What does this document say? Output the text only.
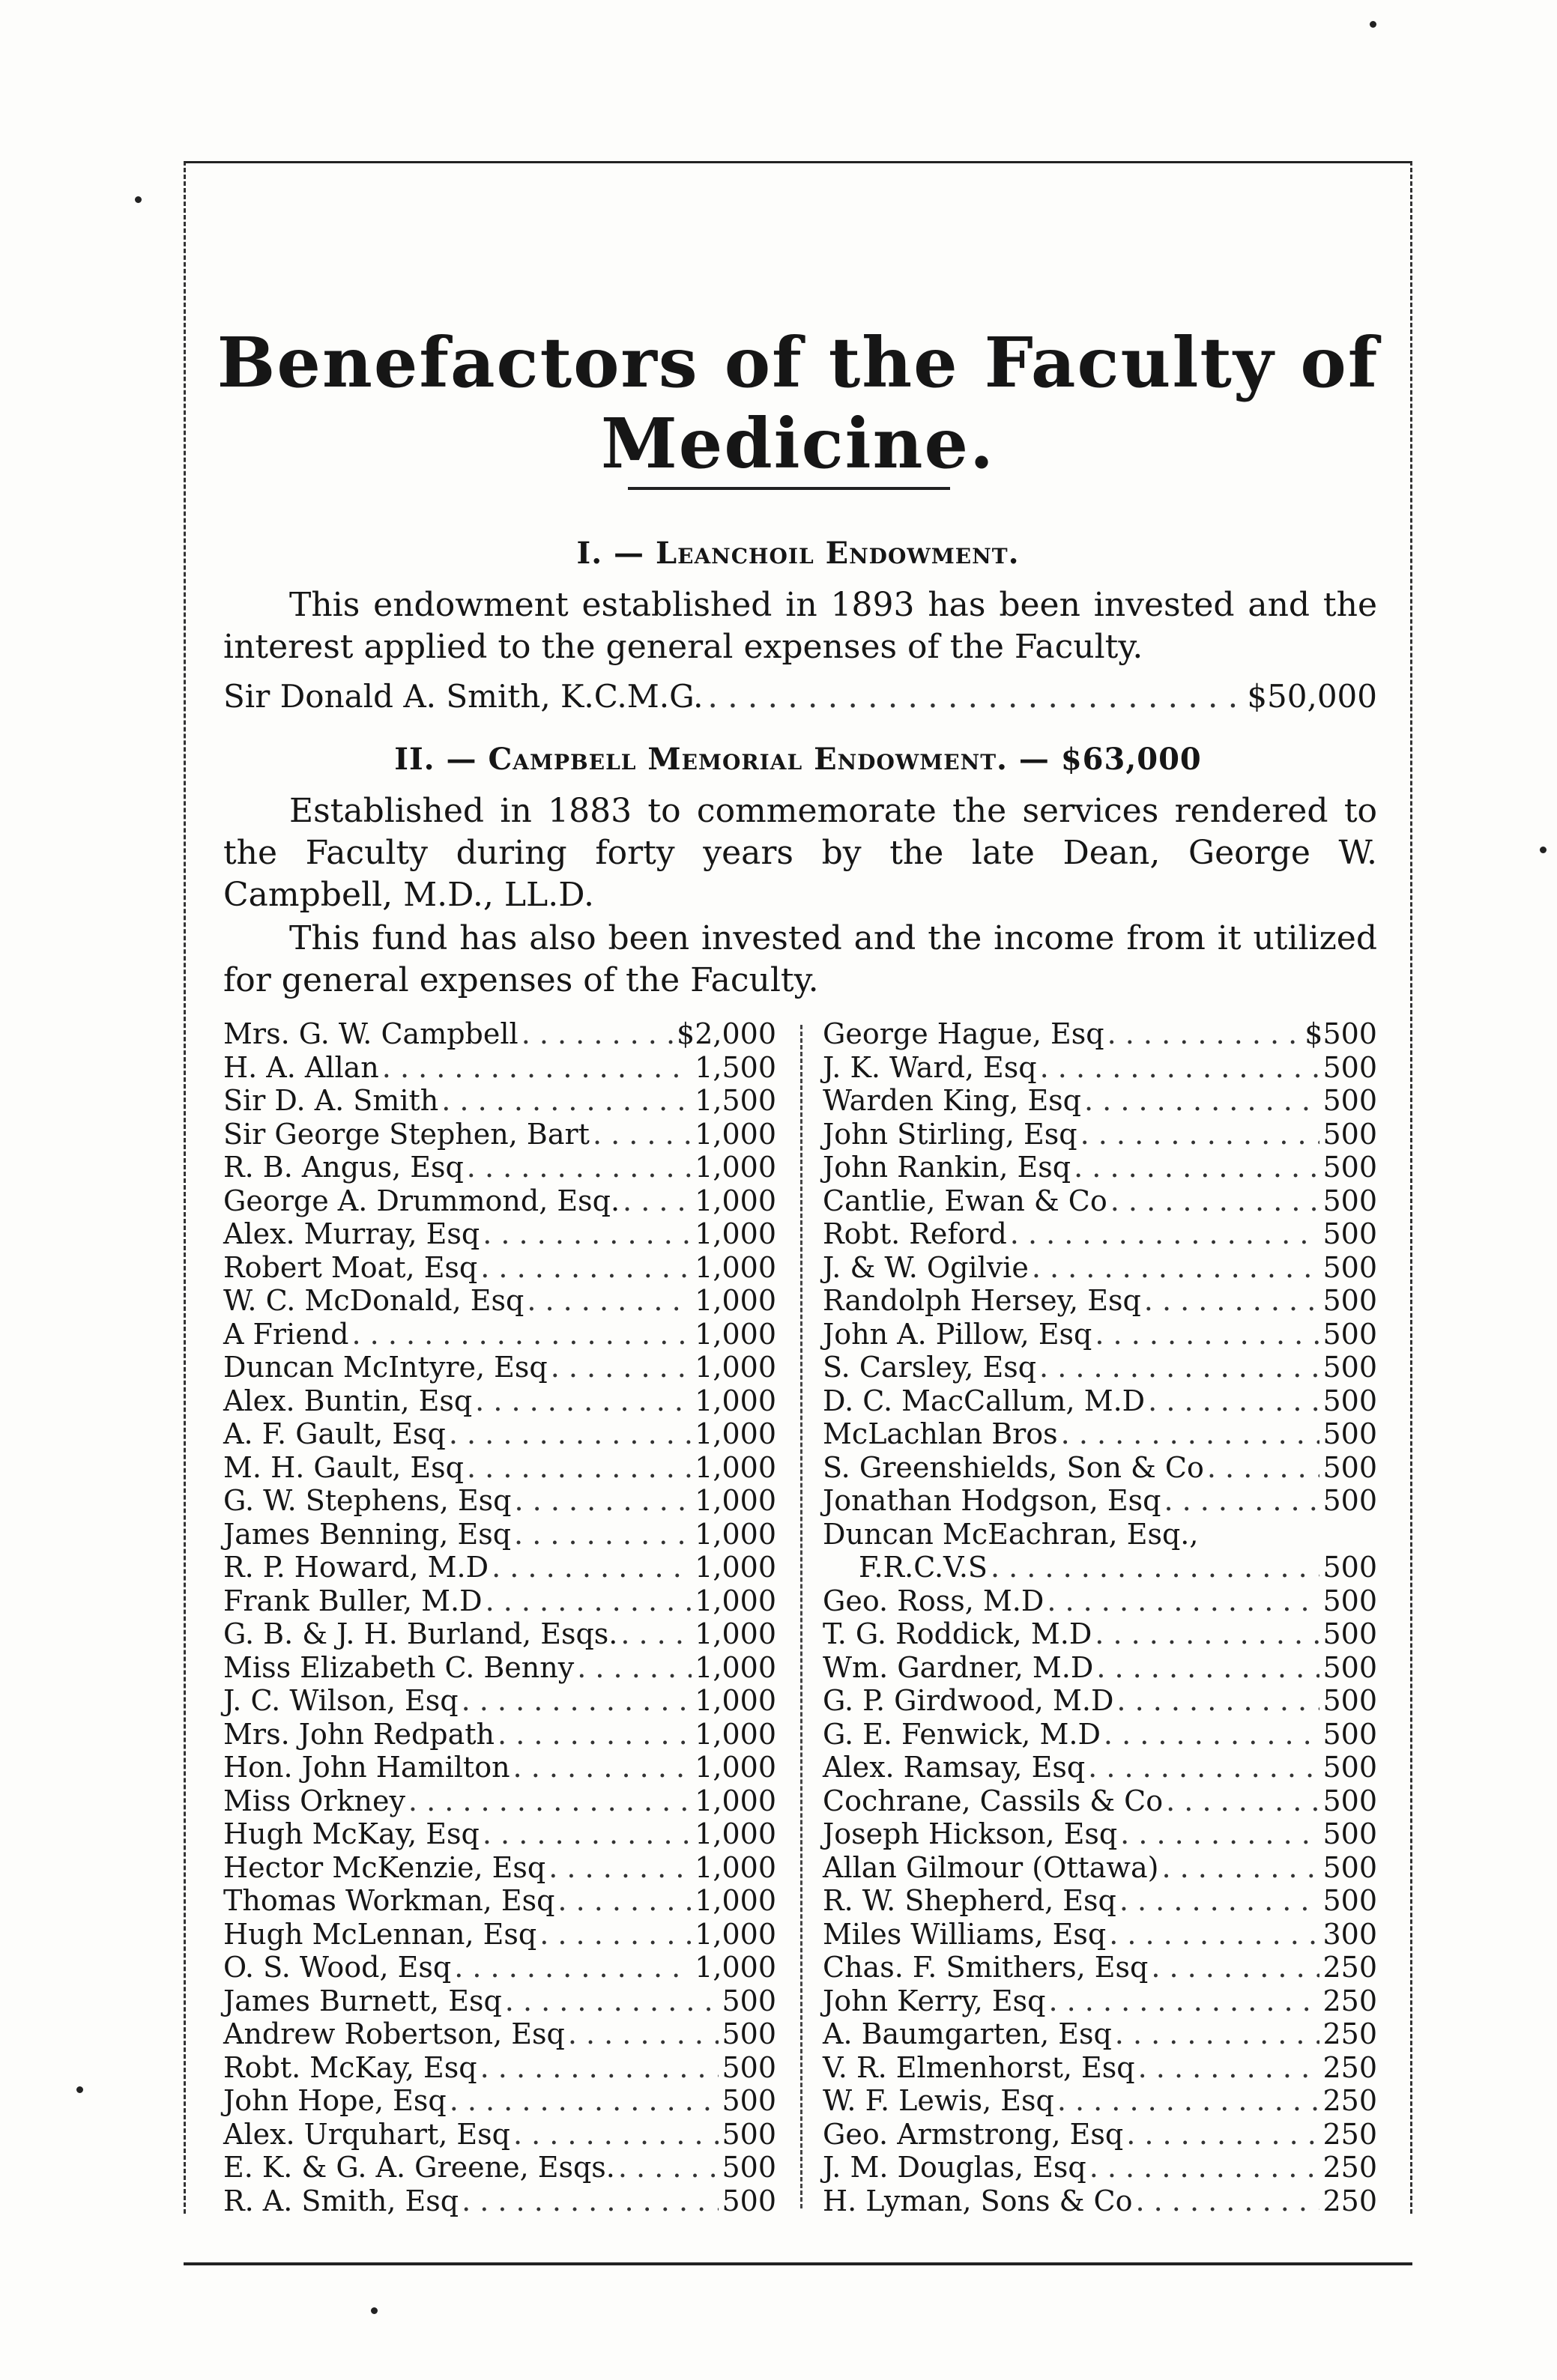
Benefactors of the Faculty of Medicine.
I. — Leanchoil Endowment.

This endowment established in 1893 has been invested and the interest applied to the general expenses of the Faculty.

Sir Donald A. Smith, K.C.M.G. . . .	$50,000
II. — Campbell Memorial Endowment. — $63,000

Established in 1883 to commemorate the services rendered to the Faculty during forty years by the late Dean, George W. Campbell, M.D., LL.D.

This fund has also been invested and the income from it utilized for general expenses of the Faculty.

Mrs. G. W. Campbell . . .	$2,000
H. A. Allan . . .	1,500
Sir D. A. Smith . . .	1,500
Sir George Stephen, Bart . . .	1,000
R. B. Angus, Esq . . .	1,000
George A. Drummond, Esq. . . .	1,000
Alex. Murray, Esq . . .	1,000
Robert Moat, Esq . . .	1,000
W. C. McDonald, Esq . . .	1,000
A Friend . . .	1,000
Duncan McIntyre, Esq . . .	1,000
Alex. Buntin, Esq . . .	1,000
A. F. Gault, Esq . . .	1,000
M. H. Gault, Esq . . .	1,000
G. W. Stephens, Esq . . .	1,000
James Benning, Esq . . .	1,000
R. P. Howard, M.D . . .	1,000
Frank Buller, M.D . . .	1,000
G. B. & J. H. Burland, Esqs. . . .	1,000
Miss Elizabeth C. Benny . . .	1,000
J. C. Wilson, Esq . . .	1,000
Mrs. John Redpath . . .	1,000
Hon. John Hamilton . . .	1,000
Miss Orkney . . .	1,000
Hugh McKay, Esq . . .	1,000
Hector McKenzie, Esq . . .	1,000
Thomas Workman, Esq . . .	1,000
Hugh McLennan, Esq . . .	1,000
O. S. Wood, Esq . . .	1,000
James Burnett, Esq . . .	500
Andrew Robertson, Esq . . .	500
Robt. McKay, Esq . . .	500
John Hope, Esq . . .	500
Alex. Urquhart, Esq . . .	500
E. K. & G. A. Greene, Esqs. . . .	500
R. A. Smith, Esq . . .	500
George Hague, Esq . . .	$500
J. K. Ward, Esq . . .	500
Warden King, Esq . . .	500
John Stirling, Esq . . .	500
John Rankin, Esq . . .	500
Cantlie, Ewan & Co . . .	500
Robt. Reford . . .	500
J. & W. Ogilvie . . .	500
Randolph Hersey, Esq . . .	500
John A. Pillow, Esq . . .	500
S. Carsley, Esq . . .	500
D. C. MacCallum, M.D . . .	500
McLachlan Bros . . .	500
S. Greenshields, Son & Co . . .	500
Jonathan Hodgson, Esq . . .	500
Duncan McEachran, Esq.,
F.R.C.V.S . . .	500
Geo. Ross, M.D . . .	500
T. G. Roddick, M.D . . .	500
Wm. Gardner, M.D . . .	500
G. P. Girdwood, M.D . . .	500
G. E. Fenwick, M.D . . .	500
Alex. Ramsay, Esq . . .	500
Cochrane, Cassils & Co . . .	500
Joseph Hickson, Esq . . .	500
Allan Gilmour (Ottawa) . . .	500
R. W. Shepherd, Esq . . .	500
Miles Williams, Esq . . .	300
Chas. F. Smithers, Esq . . .	250
John Kerry, Esq . . .	250
A. Baumgarten, Esq . . .	250
V. R. Elmenhorst, Esq . . .	250
W. F. Lewis, Esq . . .	250
Geo. Armstrong, Esq . . .	250
J. M. Douglas, Esq . . .	250
H. Lyman, Sons & Co . . .	250
